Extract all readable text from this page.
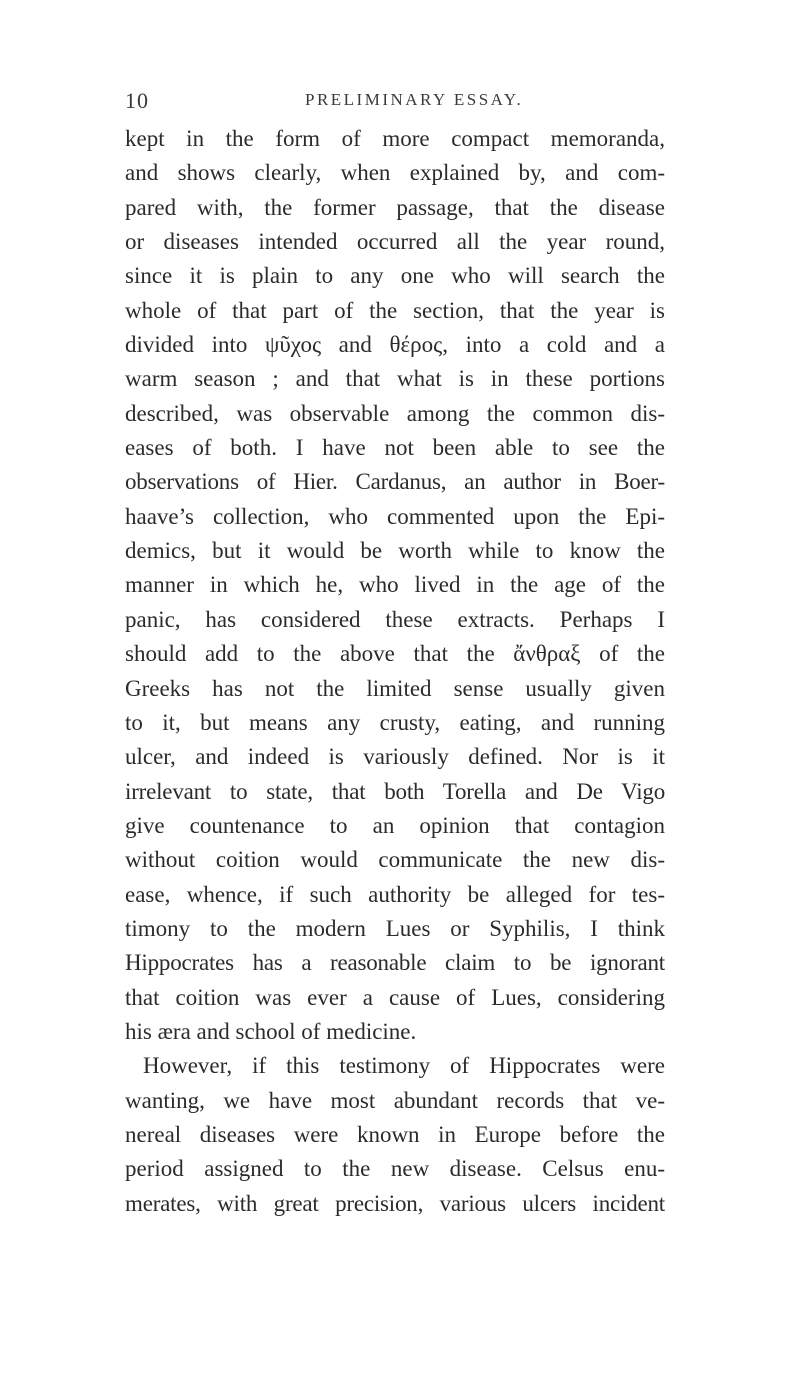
10	PRELIMINARY ESSAY.
kept in the form of more compact memoranda,
and shows clearly, when explained by, and com-
pared with, the former passage, that the disease
or diseases intended occurred all the year round,
since it is plain to any one who will search the
whole of that part of the section, that the year is
divided into ψῦχος and θέρος, into a cold and a
warm season ; and that what is in these portions
described, was observable among the common dis-
eases of both. I have not been able to see the
observations of Hier. Cardanus, an author in Boer-
haave’s collection, who commented upon the Epi-
demics, but it would be worth while to know the
manner in which he, who lived in the age of the
panic, has considered these extracts. Perhaps I
should add to the above that the ἄνθραξ of the
Greeks has not the limited sense usually given
to it, but means any crusty, eating, and running
ulcer, and indeed is variously defined. Nor is it
irrelevant to state, that both Torella and De Vigo
give countenance to an opinion that contagion
without coition would communicate the new dis-
ease, whence, if such authority be alleged for tes-
timony to the modern Lues or Syphilis, I think
Hippocrates has a reasonable claim to be ignorant
that coition was ever a cause of Lues, considering
his æra and school of medicine.
However, if this testimony of Hippocrates were
wanting, we have most abundant records that ve-
nereal diseases were known in Europe before the
period assigned to the new disease. Celsus enu-
merates, with great precision, various ulcers incident
